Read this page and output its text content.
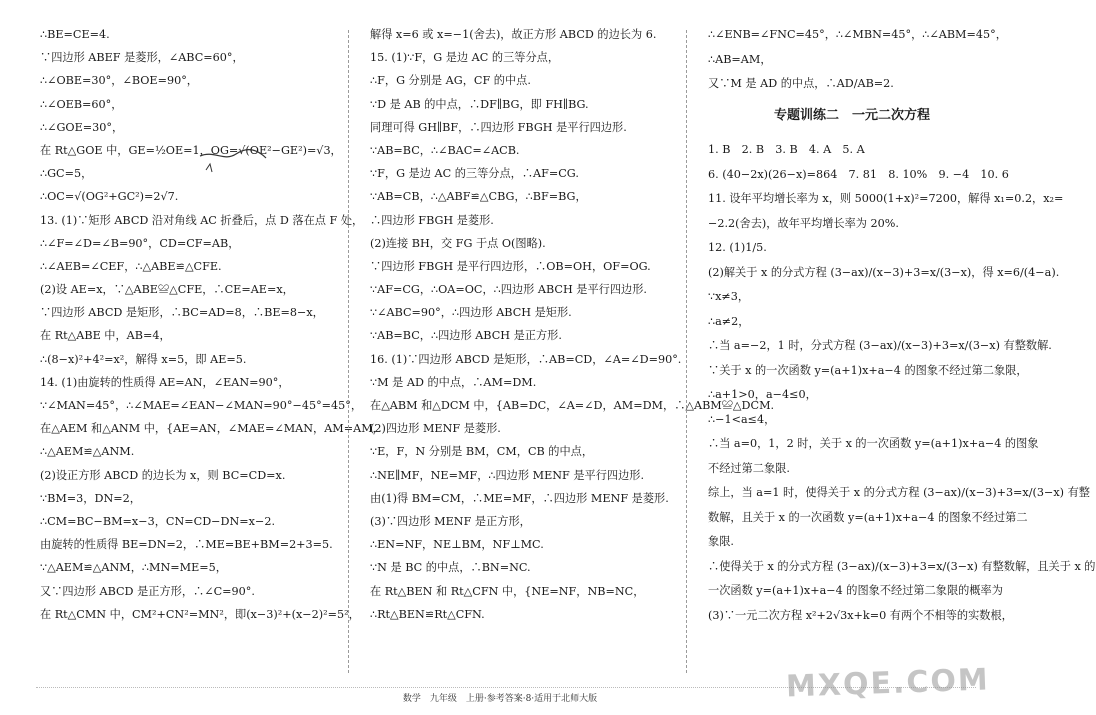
∴BE=CE=4.
∵四边形 ABEF 是菱形，∠ABC=60°，
∴∠OBE=30°，∠BOE=90°，
∴∠OEB=60°，
∴∠GOE=30°，
在 Rt△GOE 中，GE=½OE=1，OG=√(OE²−GE²)=√3，
∴GC=5，
∴OC=√(OG²+GC²)=2√7.
13. (1)∵矩形 ABCD 沿对角线 AC 折叠后，点 D 落在点 F 处，
∴∠F=∠D=∠B=90°，CD=CF=AB，
∴∠AEB=∠CEF，∴△ABE≌△CFE.
(2)设 AE=x，∵△ABE≌△CFE，∴CE=AE=x，
∵四边形 ABCD 是矩形，∴BC=AD=8，∴BE=8−x，
在 Rt△ABE 中，AB=4，
∴(8−x)²+4²=x²，解得 x=5，即 AE=5.
14. (1)由旋转的性质得 AE=AN，∠EAN=90°，
∵∠MAN=45°，∴∠MAE=∠EAN−∠MAN=90°−45°=45°，
在△AEM 和△ANM 中，{AE=AN，∠MAE=∠MAN，AM=AM，
∴△AEM≌△ANM.
(2)设正方形 ABCD 的边长为 x，则 BC=CD=x.
∵BM=3，DN=2，
∴CM=BC−BM=x−3，CN=CD−DN=x−2.
由旋转的性质得 BE=DN=2，∴ME=BE+BM=2+3=5.
∵△AEM≌△ANM，∴MN=ME=5，
又∵四边形 ABCD 是正方形，∴∠C=90°.
在 Rt△CMN 中，CM²+CN²=MN²，即(x−3)²+(x−2)²=5²，
解得 x=6 或 x=−1(舍去)，故正方形 ABCD 的边长为 6.
15. (1)∵F，G 是边 AC 的三等分点，
∴F，G 分别是 AG，CF 的中点.
∵D 是 AB 的中点，∴DF∥BG，即 FH∥BG.
同理可得 GH∥BF，∴四边形 FBGH 是平行四边形.
∵AB=BC，∴∠BAC=∠ACB.
∵F，G 是边 AC 的三等分点，∴AF=CG.
∵AB=CB，∴△ABF≌△CBG，∴BF=BG，
∴四边形 FBGH 是菱形.
(2)连接 BH，交 FG 于点 O(图略).
∵四边形 FBGH 是平行四边形，∴OB=OH，OF=OG.
∵AF=CG，∴OA=OC，∴四边形 ABCH 是平行四边形.
∵∠ABC=90°，∴四边形 ABCH 是矩形.
∵AB=BC，∴四边形 ABCH 是正方形.
16. (1)∵四边形 ABCD 是矩形，∴AB=CD，∠A=∠D=90°.
∵M 是 AD 的中点，∴AM=DM.
在△ABM 和△DCM 中，{AB=DC，∠A=∠D，AM=DM，∴△ABM≌△DCM.
(2)四边形 MENF 是菱形.
∵E，F，N 分别是 BM，CM，CB 的中点，
∴NE∥MF，NE=MF，∴四边形 MENF 是平行四边形.
由(1)得 BM=CM，∴ME=MF，∴四边形 MENF 是菱形.
(3)∵四边形 MENF 是正方形，
∴EN=NF，NE⊥BM，NF⊥MC.
∵N 是 BC 的中点，∴BN=NC.
在 Rt△BEN 和 Rt△CFN 中，{NE=NF，NB=NC，
∴Rt△BEN≌Rt△CFN.
∴∠ENB=∠FNC=45°，∴∠MBN=45°，∴∠ABM=45°，
∴AB=AM，
又∵M 是 AD 的中点，∴AD/AB=2.
专题训练二　一元二次方程
1. B　2. B　3. B　4. A　5. A
6. (40−2x)(26−x)=864　7. 81　8. 10%　9. −4　10. 6
11. 设年平均增长率为 x，则 5000(1+x)²=7200，解得 x₁=0.2，x₂=
−2.2(舍去)，故年平均增长率为 20%.
12. (1)1/5.
(2)解关于 x 的分式方程 (3−ax)/(x−3)+3=x/(3−x)，得 x=6/(4−a).
∵x≠3，
∴a≠2，
∴当 a=−2，1 时，分式方程 (3−ax)/(x−3)+3=x/(3−x) 有整数解.
∵关于 x 的一次函数 y=(a+1)x+a−4 的图象不经过第二象限，
∴a+1>0，a−4≤0，
∴−1<a≤4，
∴当 a=0，1，2 时，关于 x 的一次函数 y=(a+1)x+a−4 的图象
不经过第二象限.
综上，当 a=1 时，使得关于 x 的分式方程 (3−ax)/(x−3)+3=x/(3−x) 有整
数解，且关于 x 的一次函数 y=(a+1)x+a−4 的图象不经过第二
象限.
∴使得关于 x 的分式方程 (3−ax)/(x−3)+3=x/(3−x) 有整数解，且关于 x 的
一次函数 y=(a+1)x+a−4 的图象不经过第二象限的概率为
(3)∵一元二次方程 x²+2√3x+k=0 有两个不相等的实数根，
数学　九年级　上册·参考答案·8·适用于北师大版	MXQE.COM
